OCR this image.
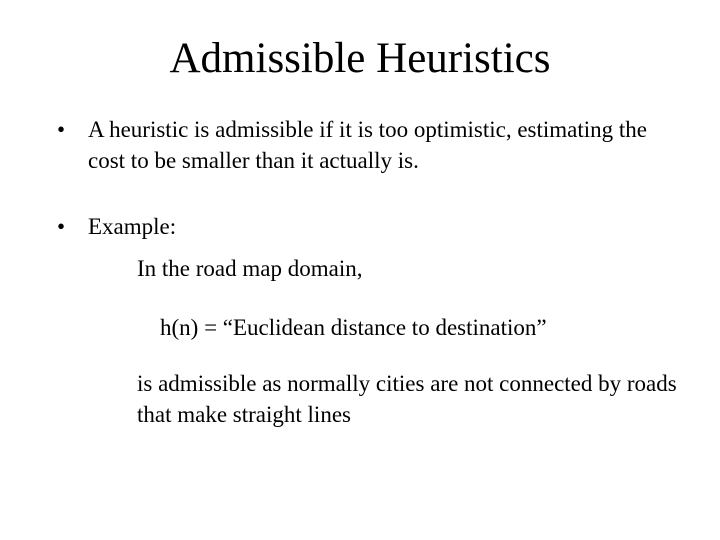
Admissible Heuristics
• A heuristic is admissible if it is too optimistic, estimating the cost to be smaller than it actually is.
• Example:
In the road map domain,
h(n) = “Euclidean distance to destination”
is admissible as normally cities are not connected by roads that make straight lines
